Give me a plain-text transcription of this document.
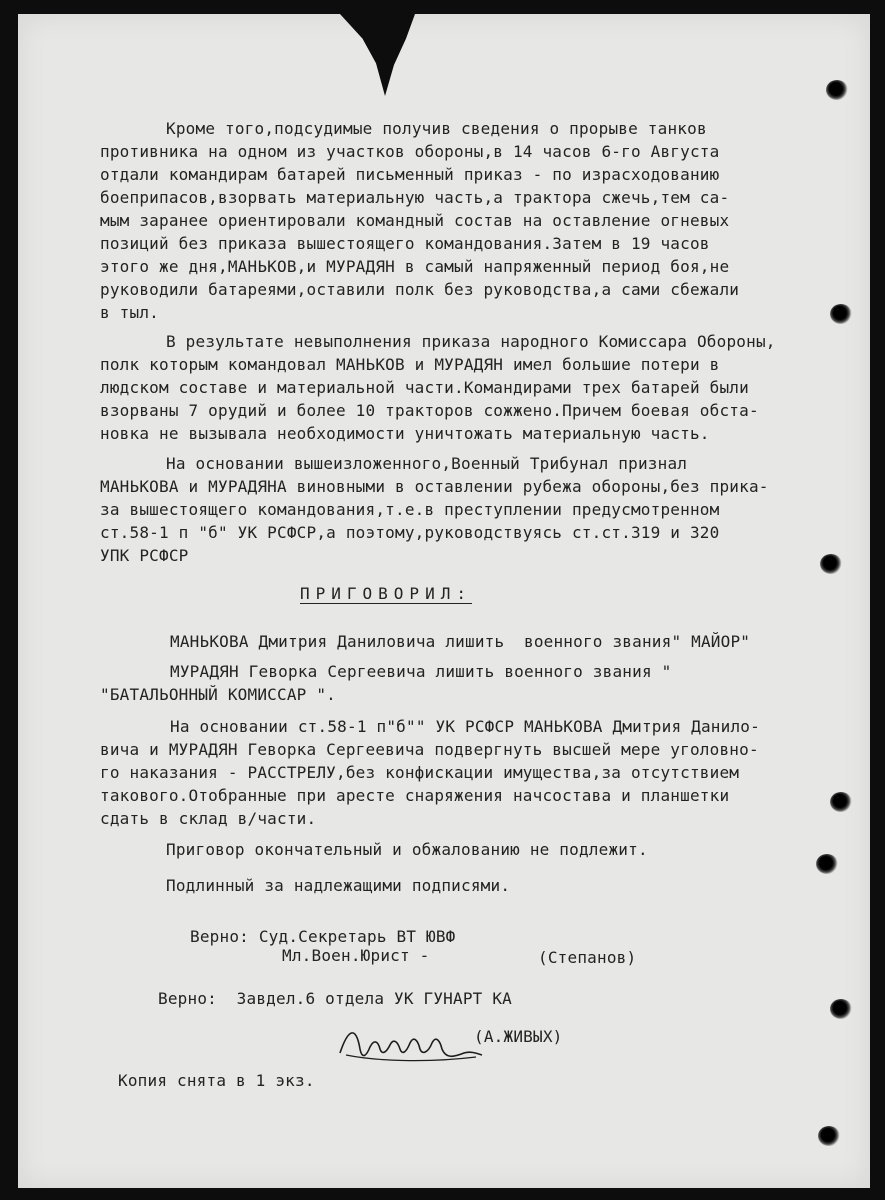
Кроме того,подсудимые получив сведения о прорыве танков
противника на одном из участков обороны,в 14 часов 6-го Августа
отдали командирам батарей письменный приказ - по израсходованию
боеприпасов,взорвать материальную часть,а трактора сжечь,тем са-
мым заранее ориентировали командный состав на оставление огневых
позиций без приказа вышестоящего командования.Затем в 19 часов
этого же дня,МАНЬКОВ,и МУРАДЯН в самый напряженный период боя,не
руководили батареями,оставили полк без руководства,а сами сбежали
в тыл.
В результате невыполнения приказа народного Комиссара Обороны,
полк которым командовал МАНЬКОВ и МУРАДЯН имел большие потери в
людском составе и материальной части.Командирами трех батарей были
взорваны 7 орудий и более 10 тракторов сожжено.Причем боевая обста-
новка не вызывала необходимости уничтожать материальную часть.
На основании вышеизложенного,Военный Трибунал признал
МАНЬКОВА и МУРАДЯНА виновными в оставлении рубежа обороны,без прика-
за вышестоящего командования,т.е.в преступлении предусмотренном
ст.58-1 п "б" УК РСФСР,а поэтому,руководствуясь ст.ст.319 и 320
УПК РСФСР
ПРИГОВОРИЛ:
МАНЬКОВА Дмитрия Даниловича лишить  военного звания" МАЙОР"
МУРАДЯН Геворка Сергеевича лишить военного звания "
"БАТАЛЬОННЫЙ КОМИССАР ".
На основании ст.58-1 п"б"" УК РСФСР МАНЬКОВА Дмитрия Данило-
вича и МУРАДЯН Геворка Сергеевича подвергнуть высшей мере уголовно-
го наказания - РАССТРЕЛУ,без конфискации имущества,за отсутствием
такового.Отобранные при аресте снаряжения начсостава и планшетки
сдать в склад в/части.
Приговор окончательный и обжалованию не подлежит.
Подлинный за надлежащими подписями.
Верно: Суд.Секретарь ВТ ЮВФ
Мл.Воен.Юрист -	(Степанов)
Верно:  Завдел.6 отдела УК ГУНАРТ КА
(А.ЖИВЫХ)
Копия снята в 1 экз.
